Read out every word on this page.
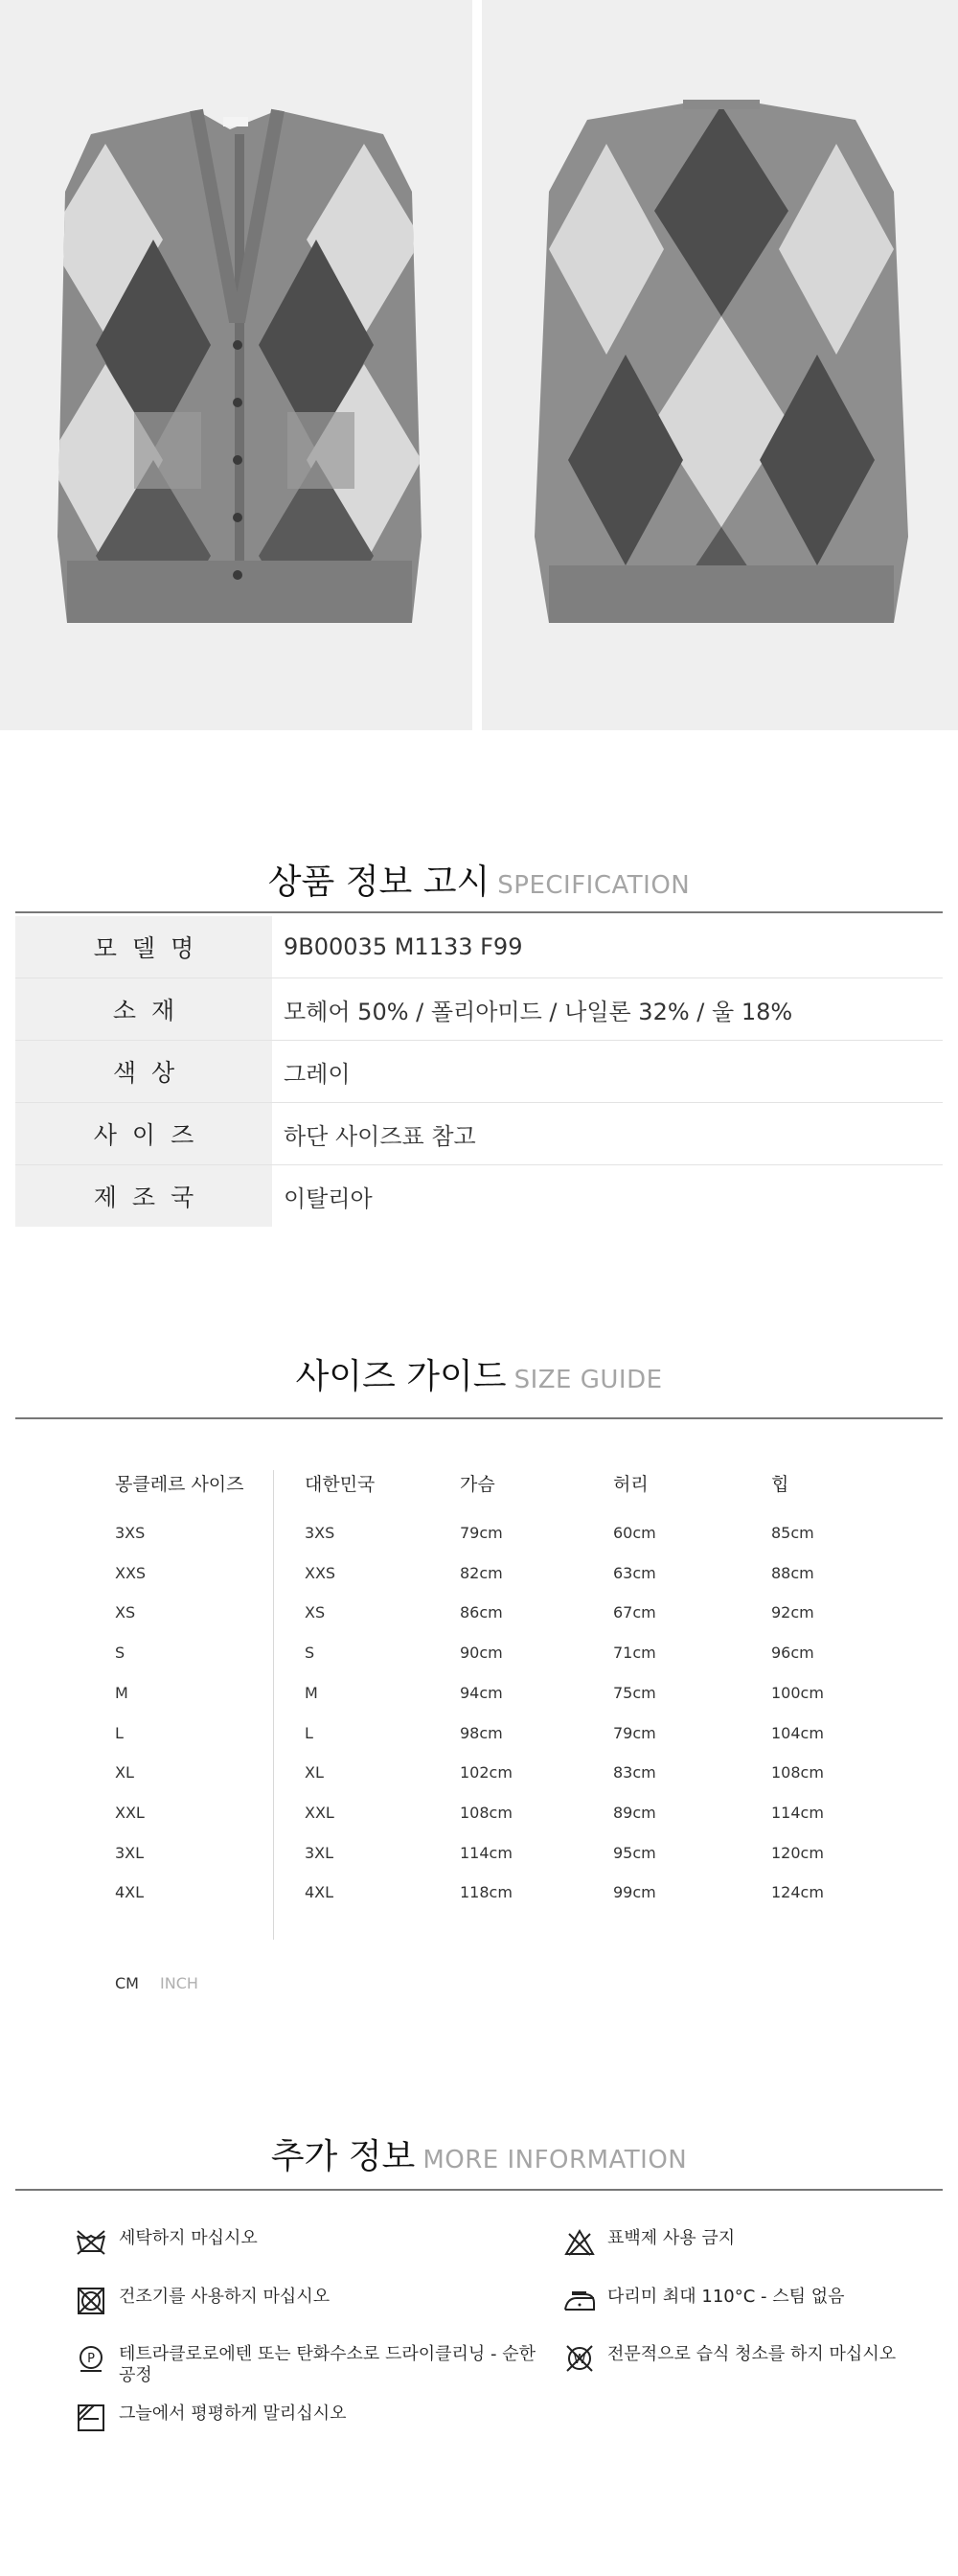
상품 정보 고시 SPECIFICATION
모델명	9B00035 M1133 F99
소재	모헤어 50% / 폴리아미드 / 나일론 32% / 울 18%
색상	그레이
사이즈	하단 사이즈표 참고
제조국	이탈리아
사이즈 가이드 SIZE GUIDE
몽클레르 사이즈	대한민국	가슴	허리	힙
3XS	3XS	79cm	60cm	85cm
XXS	XXS	82cm	63cm	88cm
XS	XS	86cm	67cm	92cm
S	S	90cm	71cm	96cm
M	M	94cm	75cm	100cm
L	L	98cm	79cm	104cm
XL	XL	102cm	83cm	108cm
XXL	XXL	108cm	89cm	114cm
3XL	3XL	114cm	95cm	120cm
4XL	4XL	118cm	99cm	124cm
CM INCH
추가 정보 MORE INFORMATION
세탁하지 마십시오	표백제 사용 금지
건조기를 사용하지 마십시오	다리미 최대 110°C - 스팀 없음
P 테트라클로로에텐 또는 탄화수소로 드라이클리닝 - 순한 공정
W 전문적으로 습식 청소를 하지 마십시오
그늘에서 평평하게 말리십시오
